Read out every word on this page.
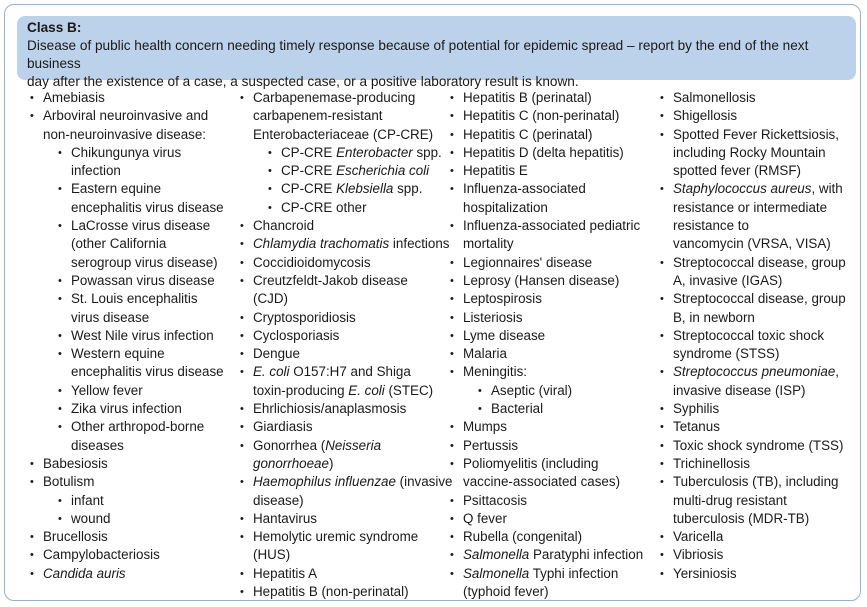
Class B:
Disease of public health concern needing timely response because of potential for epidemic spread – report by the end of the next business
day after the existence of a case, a suspected case, or a positive laboratory result is known.
• Amebiasis
• Arboviral neuroinvasive and
non-neuroinvasive disease:
• Chikungunya virus
infection
• Eastern equine
encephalitis virus disease
• LaCrosse virus disease
(other California
serogroup virus disease)
• Powassan virus disease
• St. Louis encephalitis
virus disease
• West Nile virus infection
• Western equine
encephalitis virus disease
• Yellow fever
• Zika virus infection
• Other arthropod-borne
diseases
• Babesiosis
• Botulism
• infant
• wound
• Brucellosis
• Campylobacteriosis
• Candida auris
• Carbapenemase-producing
carbapenem-resistant
Enterobacteriaceae (CP-CRE)
• CP-CRE Enterobacter spp.
• CP-CRE Escherichia coli
• CP-CRE Klebsiella spp.
• CP-CRE other
• Chancroid
• Chlamydia trachomatis infections
• Coccidioidomycosis
• Creutzfeldt-Jakob disease
(CJD)
• Cryptosporidiosis
• Cyclosporiasis
• Dengue
• E. coli O157:H7 and Shiga
toxin-producing E. coli (STEC)
• Ehrlichiosis/anaplasmosis
• Giardiasis
• Gonorrhea (Neisseria
gonorrhoeae)
• Haemophilus influenzae (invasive
disease)
• Hantavirus
• Hemolytic uremic syndrome
(HUS)
• Hepatitis A
• Hepatitis B (non-perinatal)
• Hepatitis B (perinatal)
• Hepatitis C (non-perinatal)
• Hepatitis C (perinatal)
• Hepatitis D (delta hepatitis)
• Hepatitis E
• Influenza-associated
hospitalization
• Influenza-associated pediatric
mortality
• Legionnaires' disease
• Leprosy (Hansen disease)
• Leptospirosis
• Listeriosis
• Lyme disease
• Malaria
• Meningitis:
• Aseptic (viral)
• Bacterial
• Mumps
• Pertussis
• Poliomyelitis (including
vaccine-associated cases)
• Psittacosis
• Q fever
• Rubella (congenital)
• Salmonella Paratyphi infection
• Salmonella Typhi infection
(typhoid fever)
• Salmonellosis
• Shigellosis
• Spotted Fever Rickettsiosis,
including Rocky Mountain
spotted fever (RMSF)
• Staphylococcus aureus, with
resistance or intermediate
resistance to
vancomycin (VRSA, VISA)
• Streptococcal disease, group
A, invasive (IGAS)
• Streptococcal disease, group
B, in newborn
• Streptococcal toxic shock
syndrome (STSS)
• Streptococcus pneumoniae,
invasive disease (ISP)
• Syphilis
• Tetanus
• Toxic shock syndrome (TSS)
• Trichinellosis
• Tuberculosis (TB), including
multi-drug resistant
tuberculosis (MDR-TB)
• Varicella
• Vibriosis
• Yersiniosis
